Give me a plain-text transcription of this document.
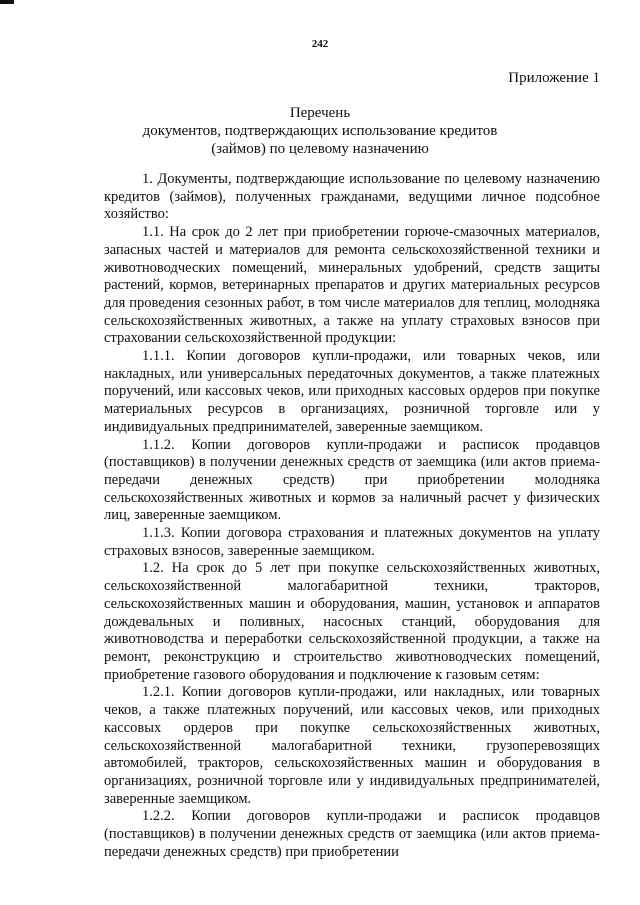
242
Приложение 1
Перечень
документов, подтверждающих использование кредитов
(займов) по целевому назначению

1. Документы, подтверждающие использование по целевому назначению кредитов (займов), полученных гражданами, ведущими личное подсобное хозяйство:

1.1. На срок до 2 лет при приобретении горюче-смазочных материалов, запасных частей и материалов для ремонта сельскохозяйственной техники и животноводческих помещений, минеральных удобрений, средств защиты растений, кормов, ветеринарных препаратов и других материальных ресурсов для проведения сезонных работ, в том числе материалов для теплиц, молодняка сельскохозяйственных животных, а также на уплату страховых взносов при страховании сельскохозяйственной продукции:

1.1.1. Копии договоров купли-продажи, или товарных чеков, или накладных, или универсальных передаточных документов, а также платежных поручений, или кассовых чеков, или приходных кассовых ордеров при покупке материальных ресурсов в организациях, розничной торговле или у индивидуальных предпринимателей, заверенные заемщиком.

1.1.2. Копии договоров купли-продажи и расписок продавцов (поставщиков) в получении денежных средств от заемщика (или актов приема-передачи денежных средств) при приобретении молодняка сельскохозяйственных животных и кормов за наличный расчет у физических лиц, заверенные заемщиком.

1.1.3. Копии договора страхования и платежных документов на уплату страховых взносов, заверенные заемщиком.

1.2. На срок до 5 лет при покупке сельскохозяйственных животных, сельскохозяйственной малогабаритной техники, тракторов, сельскохозяйственных машин и оборудования, машин, установок и аппаратов дождевальных и поливных, насосных станций, оборудования для животноводства и переработки сельскохозяйственной продукции, а также на ремонт, реконструкцию и строительство животноводческих помещений, приобретение газового оборудования и подключение к газовым сетям:

1.2.1. Копии договоров купли-продажи, или накладных, или товарных чеков, а также платежных поручений, или кассовых чеков, или приходных кассовых ордеров при покупке сельскохозяйственных животных, сельскохозяйственной малогабаритной техники, грузоперевозящих автомобилей, тракторов, сельскохозяйственных машин и оборудования в организациях, розничной торговле или у индивидуальных предпринимателей, заверенные заемщиком.

1.2.2. Копии договоров купли-продажи и расписок продавцов (поставщиков) в получении денежных средств от заемщика (или актов приема-передачи денежных средств) при приобретении
